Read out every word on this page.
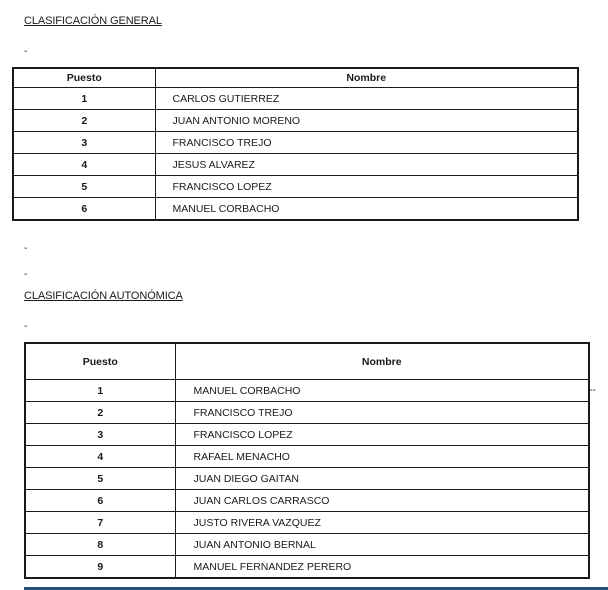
CLASIFICACIÓN GENERAL
-
Puesto	Nombre
1	CARLOS GUTIERREZ
2	JUAN ANTONIO MORENO
3	FRANCISCO TREJO
4	JESUS ALVAREZ
5	FRANCISCO LOPEZ
6	MANUEL CORBACHO
-
-
CLASIFICACIÓN AUTONÓMICA
-
Puesto	Nombre
1	MANUEL CORBACHO
2	FRANCISCO TREJO
3	FRANCISCO LOPEZ
4	RAFAEL MENACHO
5	JUAN DIEGO GAITAN
6	JUAN CARLOS CARRASCO
7	JUSTO RIVERA VAZQUEZ
8	JUAN ANTONIO BERNAL
9	MANUEL FERNANDEZ PERERO
--
